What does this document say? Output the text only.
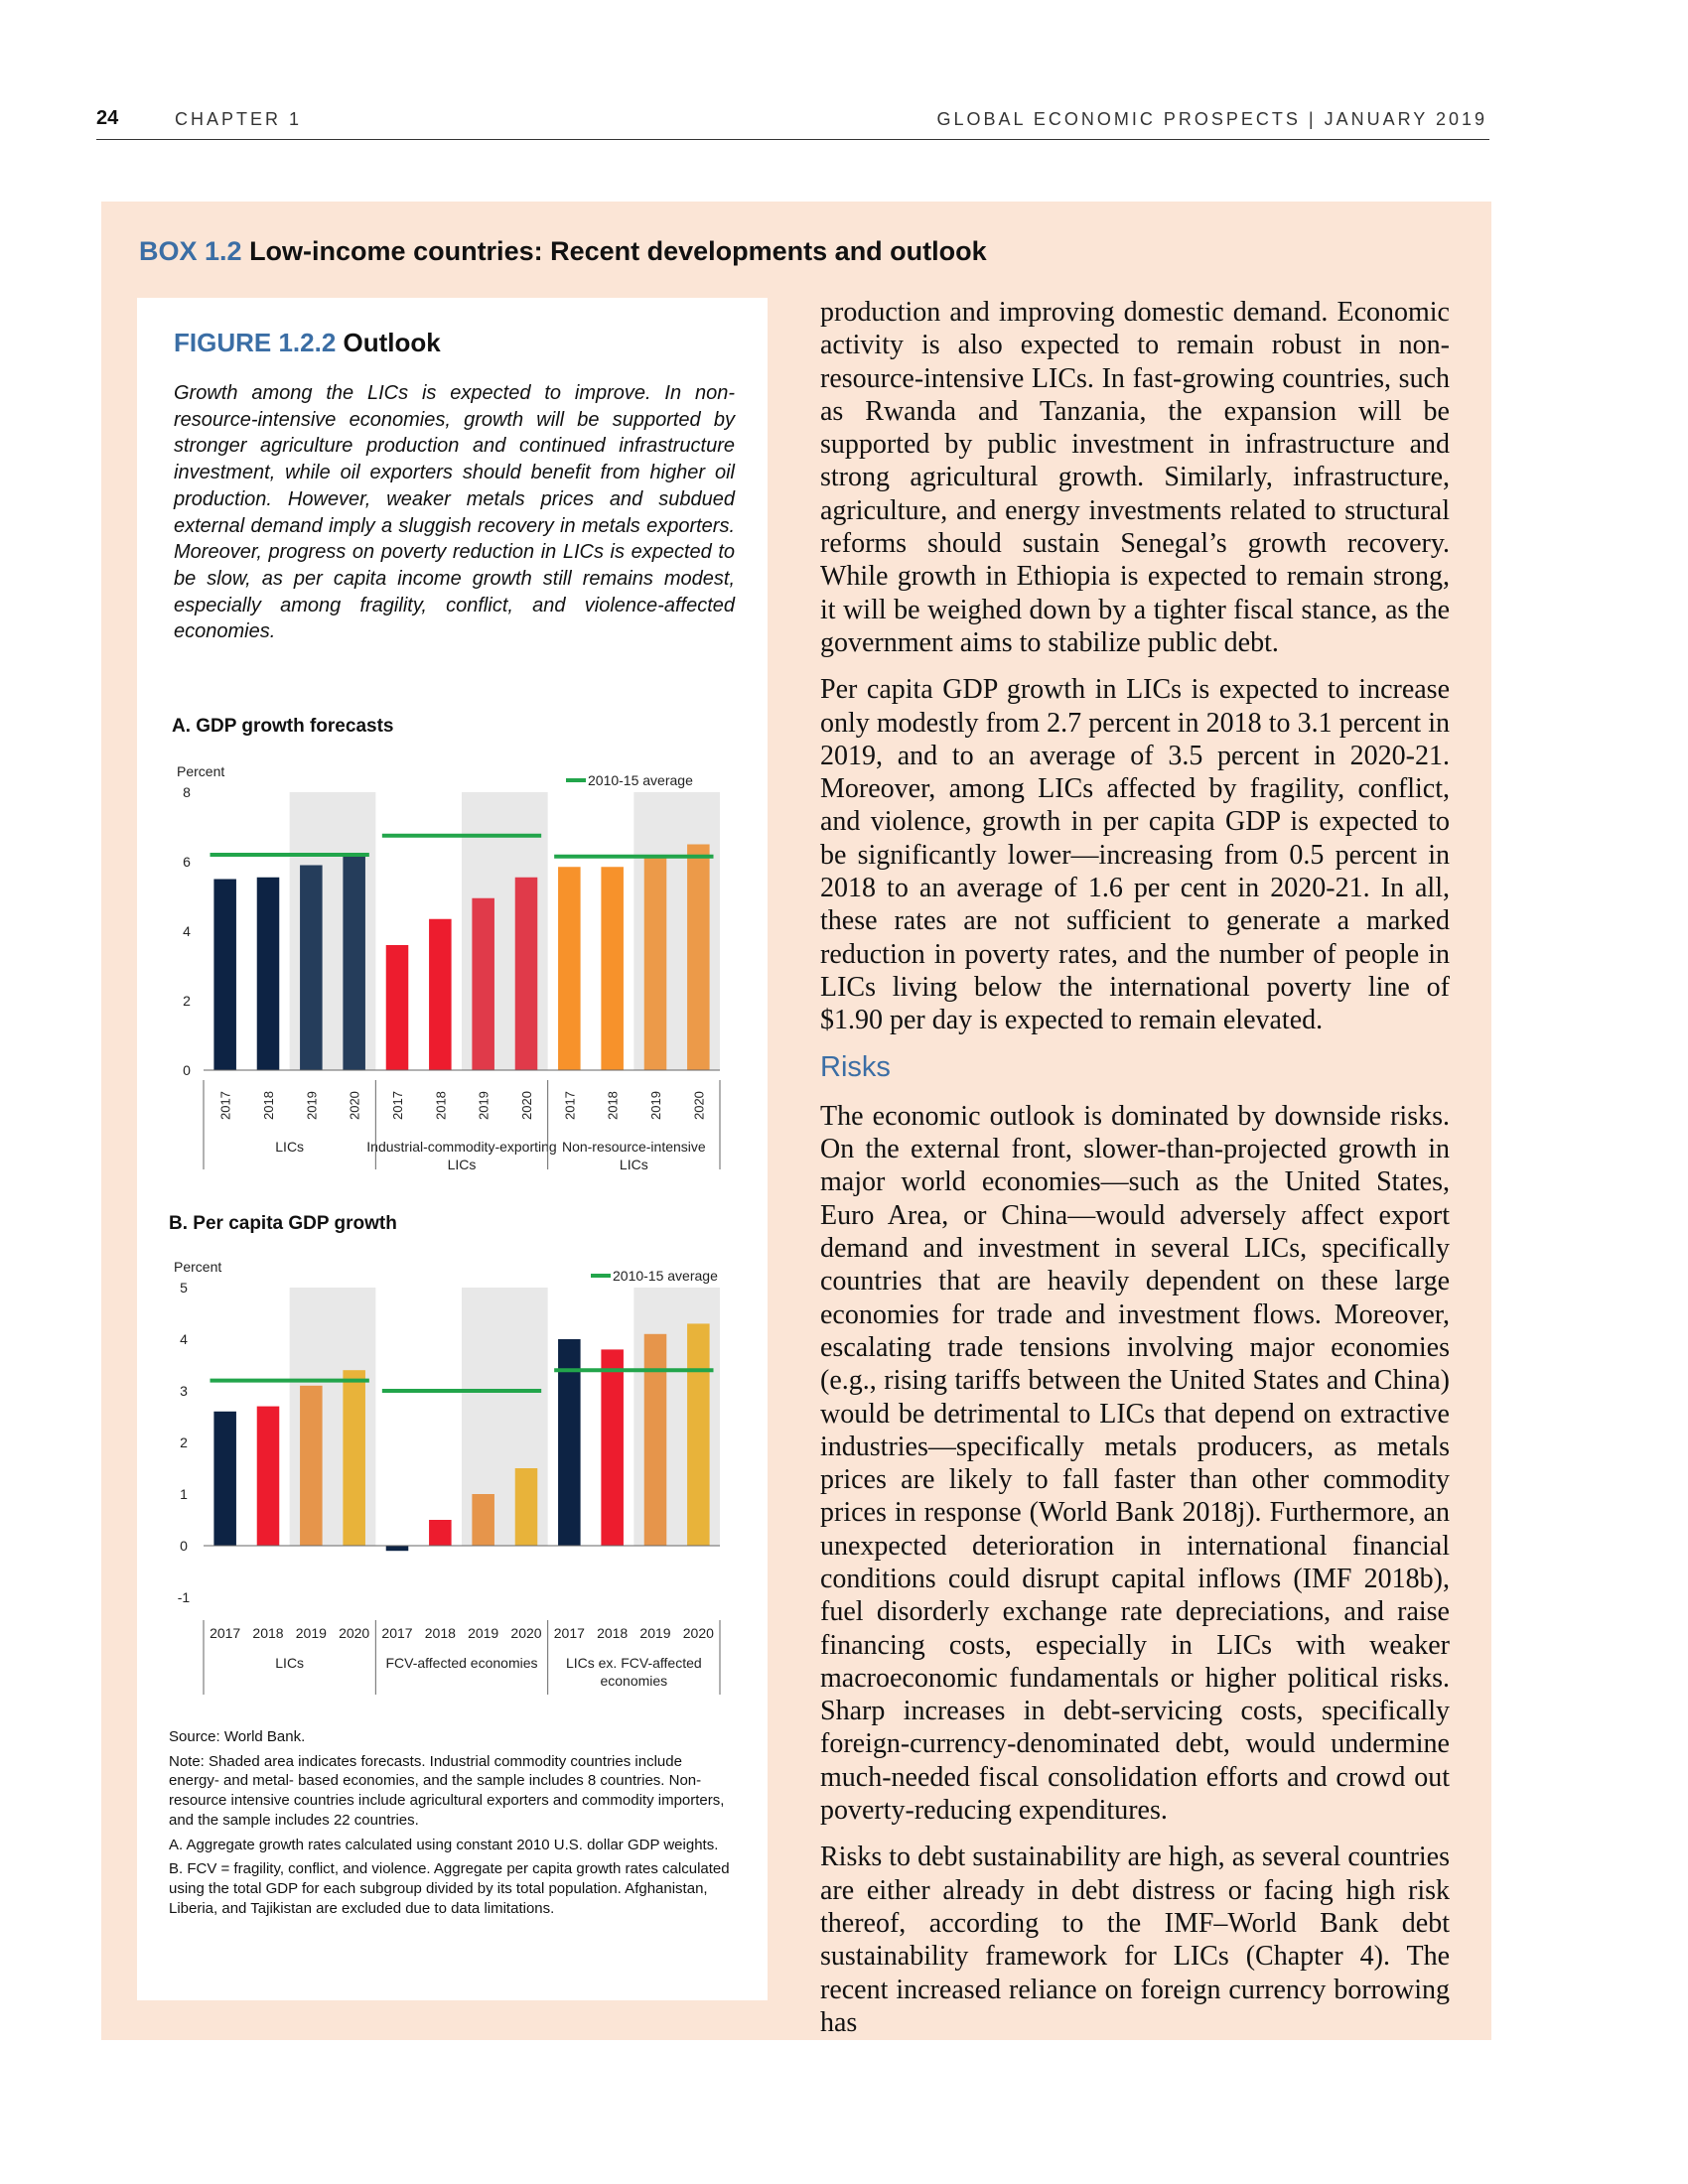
24	CHAPTER 1	GLOBAL ECONOMIC PROSPECTS | JANUARY 2019
BOX 1.2 Low-income countries: Recent developments and outlook
FIGURE 1.2.2 Outlook
Growth among the LICs is expected to improve. In non-resource-intensive economies, growth will be supported by stronger agriculture production and continued infrastructure investment, while oil exporters should benefit from higher oil production. However, weaker metals prices and subdued external demand imply a sluggish recovery in metals exporters. Moreover, progress on poverty reduction in LICs is expected to be slow, as per capita income growth still remains modest, especially among fragility, conflict, and violence-affected economies.
A. GDP growth forecasts
Percent
0
2
4
6
8
2010-15 average
2017 2018 2019 2020
LICs
2017 2018 2019 2020
Industrial-commodity-exporting
LICs
2017 2018 2019 2020
Non-resource-intensive
LICs
B. Per capita GDP growth
Percent
-1
0
1
2
3
4
5
2010-15 average
2017 2018 2019 2020
LICs
2017 2018 2019 2020
FCV-affected economies
2017 2018 2019 2020
LICs ex. FCV-affected
economies

Source: World Bank.

Note: Shaded area indicates forecasts. Industrial commodity countries include energy- and metal- based economies, and the sample includes 8 countries. Non-resource intensive countries include agricultural exporters and commodity importers, and the sample includes 22 countries.

A. Aggregate growth rates calculated using constant 2010 U.S. dollar GDP weights.

B. FCV = fragility, conflict, and violence. Aggregate per capita growth rates calculated using the total GDP for each subgroup divided by its total population. Afghanistan, Liberia, and Tajikistan are excluded due to data limitations.

production and improving domestic demand. Economic activity is also expected to remain robust in non-resource-intensive LICs. In fast-growing countries, such as Rwanda and Tanzania, the expansion will be supported by public investment in infrastructure and strong agricultural growth. Similarly, infrastructure, agriculture, and energy investments related to structural reforms should sustain Senegal’s growth recovery. While growth in Ethiopia is expected to remain strong, it will be weighed down by a tighter fiscal stance, as the government aims to stabilize public debt.

Per capita GDP growth in LICs is expected to increase only modestly from 2.7 percent in 2018 to 3.1 percent in 2019, and to an average of 3.5 percent in 2020-21. Moreover, among LICs affected by fragility, conflict, and violence, growth in per capita GDP is expected to be significantly lower—increasing from 0.5 percent in 2018 to an average of 1.6 per cent in 2020-21. In all, these rates are not sufficient to generate a marked reduction in poverty rates, and the number of people in LICs living below the international poverty line of $1.90 per day is expected to remain elevated.

Risks

The economic outlook is dominated by downside risks. On the external front, slower-than-projected growth in major world economies—such as the United States, Euro Area, or China—would adversely affect export demand and investment in several LICs, specifically countries that are heavily dependent on these large economies for trade and investment flows. Moreover, escalating trade tensions involving major economies (e.g., rising tariffs between the United States and China) would be detrimental to LICs that depend on extractive industries—specifically metals producers, as metals prices are likely to fall faster than other commodity prices in response (World Bank 2018j). Furthermore, an unexpected deterioration in international financial conditions could disrupt capital inflows (IMF 2018b), fuel disorderly exchange rate depreciations, and raise financing costs, especially in LICs with weaker macroeconomic fundamentals or higher political risks. Sharp increases in debt-servicing costs, specifically foreign-currency-denominated debt, would undermine much-needed fiscal consolidation efforts and crowd out poverty-reducing expenditures.

Risks to debt sustainability are high, as several countries are either already in debt distress or facing high risk thereof, according to the IMF–World Bank debt sustainability framework for LICs (Chapter 4). The recent increased reliance on foreign currency borrowing has
